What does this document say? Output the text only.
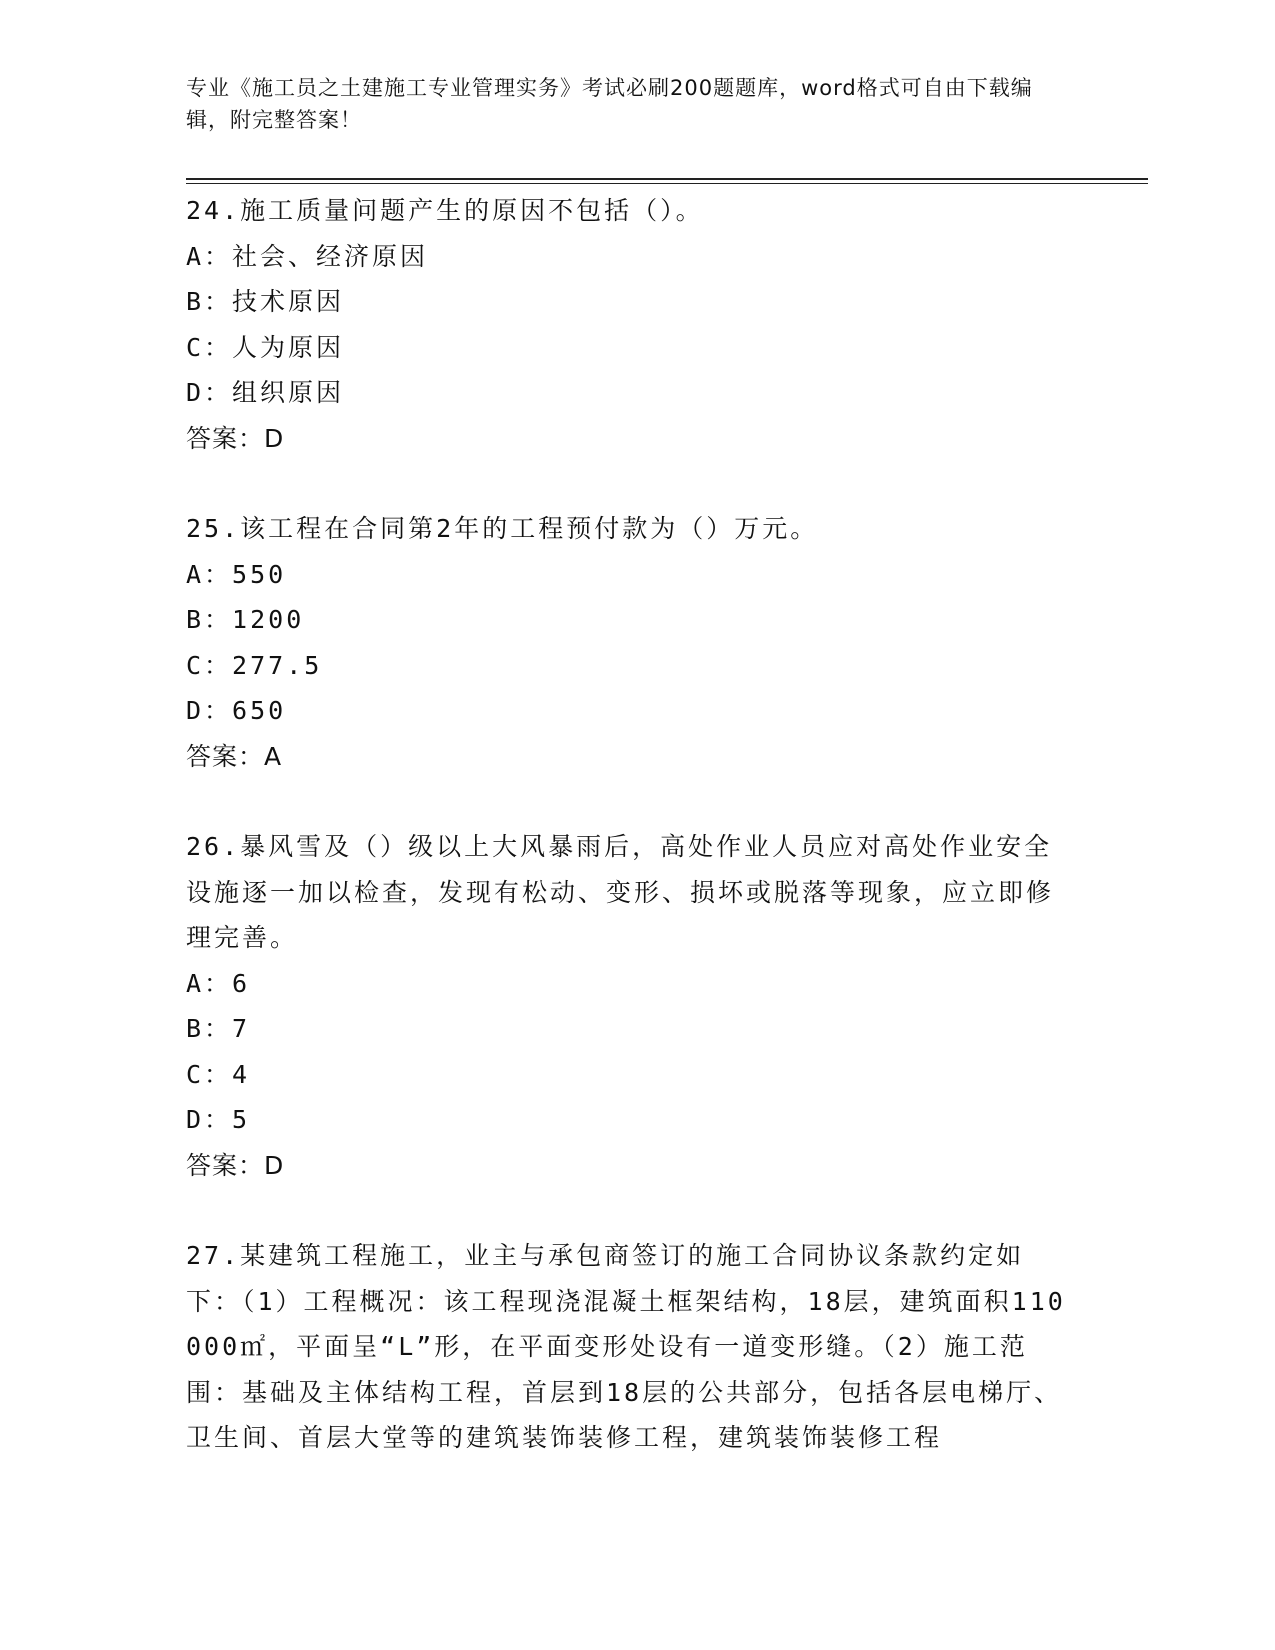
专业《施工员之土建施工专业管理实务》考试必刷200题题库，word格式可自由下载编辑，附完整答案！

24.施工质量问题产生的原因不包括（）。

A：社会、经济原因

B：技术原因

C：人为原因

D：组织原因

答案：D

25.该工程在合同第2年的工程预付款为（）万元。

A：550

B：1200

C：277.5

D：650

答案：A

26.暴风雪及（）级以上大风暴雨后，高处作业人员应对高处作业安全设施逐一加以检查，发现有松动、变形、损坏或脱落等现象，应立即修理完善。

A：6

B：7

C：4

D：5

答案：D

27.某建筑工程施工，业主与承包商签订的施工合同协议条款约定如下：（1）工程概况：该工程现浇混凝土框架结构，18层，建筑面积110000㎡，平面呈“L”形，在平面变形处设有一道变形缝。（2）施工范围：基础及主体结构工程，首层到18层的公共部分，包括各层电梯厅、卫生间、首层大堂等的建筑装饰装修工程，建筑装饰装修工程
